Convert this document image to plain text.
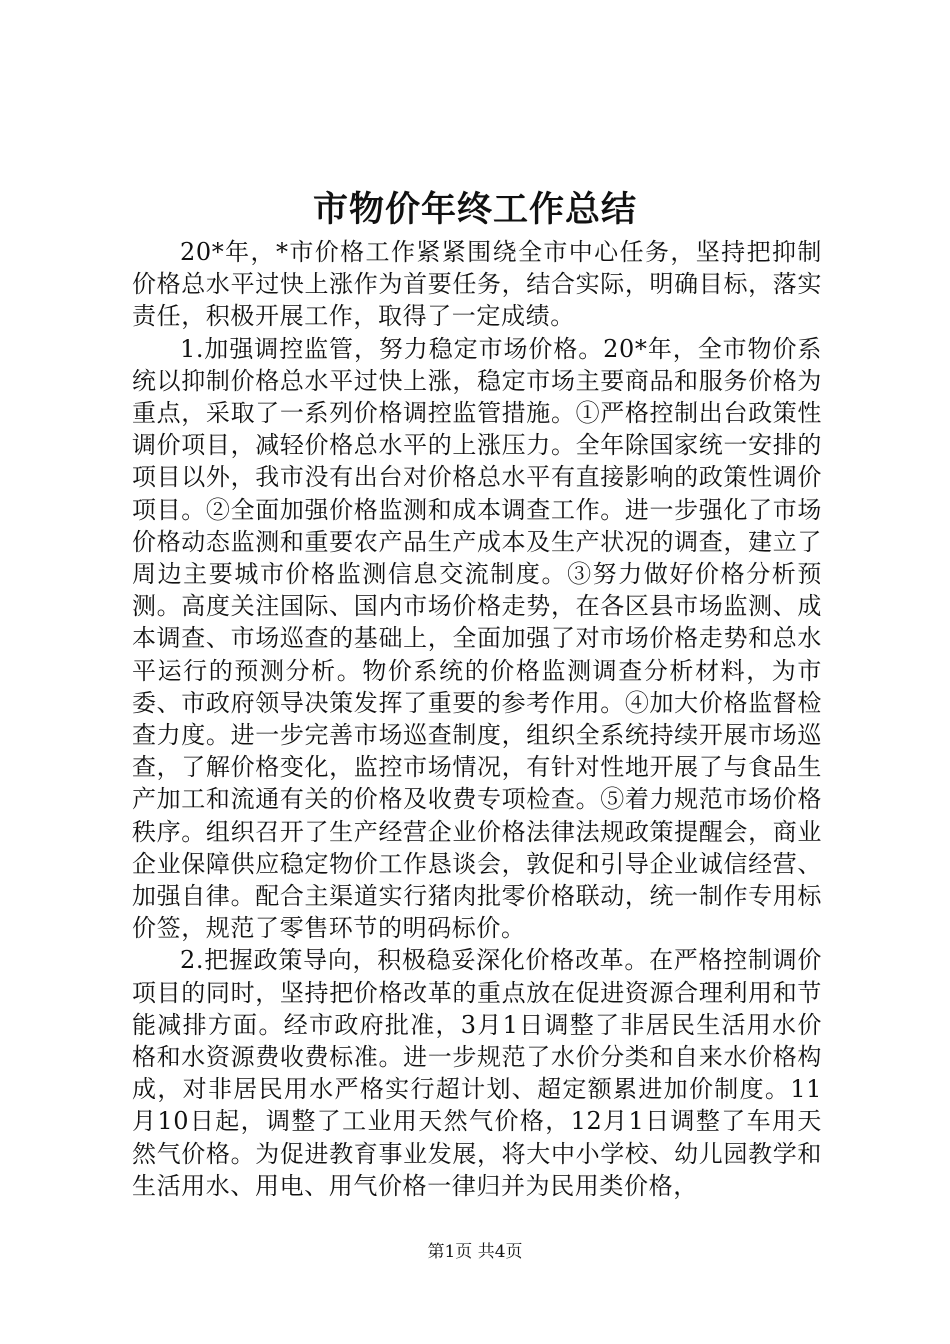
市物价年终工作总结

20*年，*市价格工作紧紧围绕全市中心任务，坚持把抑制价格总水平过快上涨作为首要任务，结合实际，明确目标，落实责任，积极开展工作，取得了一定成绩。

1.加强调控监管，努力稳定市场价格。20*年，全市物价系统以抑制价格总水平过快上涨，稳定市场主要商品和服务价格为重点，采取了一系列价格调控监管措施。①严格控制出台政策性调价项目，减轻价格总水平的上涨压力。全年除国家统一安排的项目以外，我市没有出台对价格总水平有直接影响的政策性调价项目。②全面加强价格监测和成本调查工作。进一步强化了市场价格动态监测和重要农产品生产成本及生产状况的调查，建立了周边主要城市价格监测信息交流制度。③努力做好价格分析预测。高度关注国际、国内市场价格走势，在各区县市场监测、成本调查、市场巡查的基础上，全面加强了对市场价格走势和总水平运行的预测分析。物价系统的价格监测调查分析材料，为市委、市政府领导决策发挥了重要的参考作用。④加大价格监督检查力度。进一步完善市场巡查制度，组织全系统持续开展市场巡查，了解价格变化，监控市场情况，有针对性地开展了与食品生产加工和流通有关的价格及收费专项检查。⑤着力规范市场价格秩序。组织召开了生产经营企业价格法律法规政策提醒会，商业企业保障供应稳定物价工作恳谈会，敦促和引导企业诚信经营、加强自律。配合主渠道实行猪肉批零价格联动，统一制作专用标价签，规范了零售环节的明码标价。

2.把握政策导向，积极稳妥深化价格改革。在严格控制调价项目的同时，坚持把价格改革的重点放在促进资源合理利用和节能减排方面。经市政府批准，3月1日调整了非居民生活用水价格和水资源费收费标准。进一步规范了水价分类和自来水价格构成，对非居民用水严格实行超计划、超定额累进加价制度。11月10日起，调整了工业用天然气价格，12月1日调整了车用天然气价格。为促进教育事业发展，将大中小学校、幼儿园教学和生活用水、用电、用气价格一律归并为民用类价格，

第1页 共4页
